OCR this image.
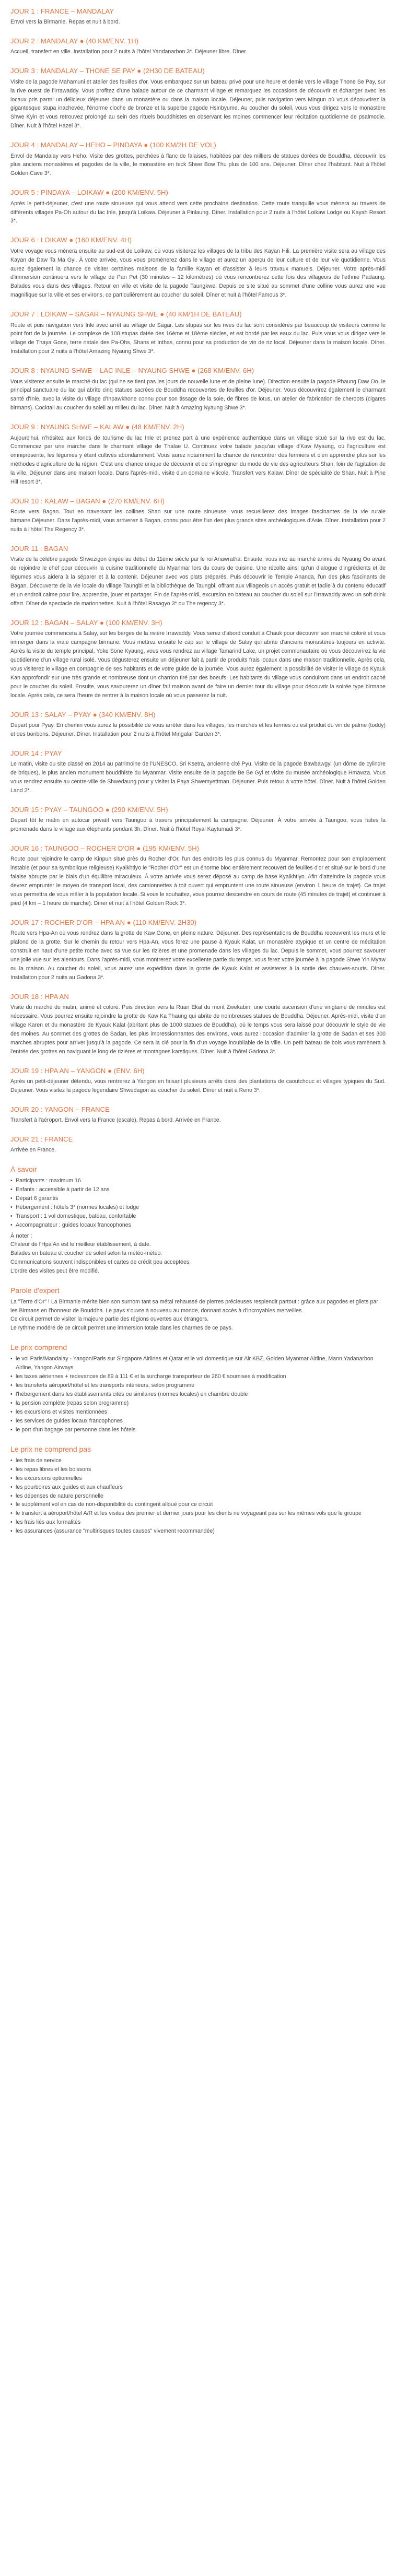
JOUR 1 : FRANCE – MANDALAY

Envol vers la Birmanie. Repas et nuit à bord.

JOUR 2 : MANDALAY ● (40 KM/ENV. 1H)

Accueil, transfert en ville. Installation pour 2 nuits à l'hôtel Yandanarbon 3*. Déjeuner libre. Dîner.

JOUR 3 : MANDALAY – THONE SE PAY ● (2H30 DE BATEAU)

Visite de la pagode Mahamuni et atelier des feuilles d'or. Vous embarquez sur un bateau privé pour une heure et demie vers le village Thone Se Pay, sur la rive ouest de l'Irrawaddy. Vous profitez d'une balade autour de ce charmant village et remarquez les occasions de découvrir et échanger avec les locaux pris parmi un délicieux déjeuner dans un monastère ou dans la maison locale. Déjeuner, puis navigation vers Mingun où vous découvrirez la gigantesque stupa inachevée, l'énorme cloche de bronze et la superbe pagode Hsinbyume. Au coucher du soleil, vous vous dirigez vers le monastère Shwe Kyin et vous retrouvez prolongé au sein des rituels bouddhistes en observant les moines commencer leur récitation quotidienne de psalmodie. Dîner. Nuit à l'hôtel Hazel 3*.

JOUR 4 : MANDALAY – HEHO – PINDAYA ● (100 KM/2H DE VOL)

Envol de Mandalay vers Heho. Visite des grottes, perchées à flanc de falaises, habitées par des milliers de statues dorées de Bouddha, découvrir les plus anciens monastères et pagodes de la ville, le monastère en teck Shwe Bow Thu plus de 100 ans. Déjeuner. Dîner chez l'habitant. Nuit à l'hôtel Golden Cave 3*.

JOUR 5 : PINDAYA – LOIKAW ● (200 KM/ENV. 5H)

Après le petit-déjeuner, c'est une route sinueuse qui vous attend vers cette prochaine destination. Cette route tranquille vous mènera au travers de différents villages Pa-Oh autour du lac Inle, jusqu'à Loikaw. Déjeuner à Pinlaung. Dîner. Installation pour 2 nuits à l'hôtel Loikaw Lodge ou Kayah Resort 3*.

JOUR 6 : LOIKAW ● (160 KM/ENV. 4H)

Votre voyage vous mènera ensuite au sud-est de Loikaw, où vous visiterez les villages de la tribu des Kayan Hili. La première visite sera au village des Kayan de Daw Ta Ma Gyi. À votre arrivée, vous vous promènerez dans le village et aurez un aperçu de leur culture et de leur vie quotidienne. Vous aurez également la chance de visiter certaines maisons de la famille Kayan et d'assister à leurs travaux manuels. Déjeuner. Votre après-midi d'immersion continuera vers le village de Pan Pet (30 minutes – 12 kilomètres) où vous rencontrerez cette fois des villageois de l'ethnie Padaung. Balades vous dans des villages. Retour en ville et visite de la pagode Taungkwe. Depuis ce site situé au sommet d'une colline vous aurez une vue magnifique sur la ville et ses environs, ce particulièrement au coucher du soleil. Dîner et nuit à l'hôtel Famous 3*.

JOUR 7 : LOIKAW – SAGAR – NYAUNG SHWE ● (40 KM/1H DE BATEAU)

Route et puis navigation vers Inle avec arrêt au village de Sagar. Les stupas sur les rives du lac sont considérés par beaucoup de visiteurs comme le point fort de la journée. Le complexe de 108 stupas datée des 16ème et 18ème siècles, et est bordé par les eaux du lac. Puis vous vous dirigez vers le village de Thaya Gone, terre natale des Pa-Ohs, Shans et Inthas, connu pour sa production de vin de riz local. Déjeuner dans la maison locale. Dîner. Installation pour 2 nuits à l'hôtel Amazing Nyaung Shwe 3*.

JOUR 8 : NYAUNG SHWE – LAC INLE – NYAUNG SHWE ● (268 KM/ENV. 6H)

Vous visiterez ensuite le marché du lac (qui ne se tient pas les jours de nouvelle lune et de pleine lune). Direction ensuite la pagode Phaung Daw Oo, le principal sanctuaire du lac qui abrite cinq statues sacrées de Bouddha recouvertes de feuilles d'or. Déjeuner. Vous découvrirez également le charmant santé d'Inle, avec la visite du village d'Inpawkhone connu pour son tissage de la soie, de fibres de lotus, un atelier de fabrication de cheroots (cigares birmans). Cocktail au coucher du soleil au milieu du lac. Dîner. Nuit à Amazing Nyaung Shwe 3*.

JOUR 9 : NYAUNG SHWE – KALAW ● (48 KM/ENV. 2H)

Aujourd'hui, n'hésitez aux fonds de tourisme du lac Inle et prenez part à une expérience authentique dans un village situé sur la rive est du lac. Commencez par une marche dans le charmant village de Thalae U. Continuez votre balade jusqu'au village d'Kaw Myaung, où l'agriculture est omniprésente, les légumes y étant cultivés abondamment. Vous aurez notamment la chance de rencontrer des fermiers et d'en apprendre plus sur les méthodes d'agriculture de la région. C'est une chance unique de découvrir et de s'imprégner du mode de vie des agriculteurs Shan, loin de l'agitation de la ville. Déjeuner dans une maison locale. Dans l'après-midi, visite d'un domaine viticole. Transfert vers Kalaw. Dîner de spécialité de Shan. Nuit à Pine Hill resort 3*.

JOUR 10 : KALAW – BAGAN ● (270 KM/ENV. 6H)

Route vers Bagan. Tout en traversant les collines Shan sur une route sinueuse, vous recueillerez des images fascinantes de la vie rurale birmane.Déjeuner. Dans l'après-midi, vous arriverez à Bagan, connu pour être l'un des plus grands sites archéologiques d'Asie. Dîner. Installation pour 2 nuits à l'hôtel The Regency 3*.

JOUR 11 : BAGAN

Visite de la célèbre pagode Shwezigon érigée au début du 11ème siècle par le roi Anawratha. Ensuite, vous irez au marché animé de Nyaung Oo avant de rejoindre le chef pour découvrir la cuisine traditionnelle du Myanmar lors du cours de cuisine. Une récolte ainsi qu'un dialogue d'ingrédients et de légumes vous aidera à la séparer et à la contenir. Déjeuner avec vos plats préparés. Puis découvrir le Temple Ananda, l'un des plus fascinants de Bagan. Découverte de la vie locale du village Taungbi et la bibliothèque de Taungbi, offrant aux villageois un accès gratuit et facile à du contenu éducatif et un endroit calme pour lire, apprendre, jouer et partager. Fin de l'après-midi, excursion en bateau au coucher du soleil sur l'Irrawaddy avec un soft drink offert. Dîner de spectacle de marionnettes. Nuit à l'hôtel Rasagyo 3* ou The regency 3*.

JOUR 12 : BAGAN – SALAY ● (100 KM/ENV. 3H)

Votre journée commencera à Salay, sur les berges de la rivière Irrawaddy. Vous serez d'abord conduit à Chauk pour découvrir son marché coloré et vous immerger dans la vraie campagne birmane. Vous mettrez ensuite le cap sur le village de Salay qui abrite d'anciens monastères toujours en activité. Après la visite du temple principal, Yoke Sone Kyaung, vous vous rendrez au village Tamarind Lake, un projet communautaire où vous découvrirez la vie quotidienne d'un village rural isolé. Vous dégusterez ensuite un déjeuner fait à partir de produits frais locaux dans une maison traditionnelle. Après cela, vous visiterez le village en compagnie de ses habitants et de votre guide de la journée. Vous aurez également la possibilité de visiter le village de Kyauk Kan approfondir sur une très grande et nombreuse dont un charrion tiré par des boeufs. Les habitants du village vous conduiront dans un endroit caché pour le coucher du soleil. Ensuite, vous savourerez un dîner fait maison avant de faire un dernier tour du village pour découvrir la soirée type birmane locale. Après cela, ce sera l'heure de rentrer à la maison locale où vous passerez la nuit.

JOUR 13 : SALAY – PYAY ● (340 KM/ENV. 8H)

Départ pour Pyay. En chemin vous aurez la possibilité de vous arrêter dans les villages, les marchés et les fermes où est produit du vin de palme (toddy) et des bonbons. Déjeuner. Dîner. Installation pour 2 nuits à l'hôtel Mingalar Garden 3*.

JOUR 14 : PYAY

Le matin, visite du site classé en 2014 au patrimoine de l'UNESCO, Sri Ksetra, ancienne cité Pyu. Visite de la pagode Bawbawgyi (un dôme de cylindre de briques), le plus ancien monument bouddhiste du Myanmar. Visite ensuite de la pagode Be Be Gyi et visite du musée archéologique Hmawza. Vous vous rendrez ensuite au centre-ville de Shwedaung pour y visiter la Paya Shwemyettman. Déjeuner. Puis retour à votre hôtel. Dîner. Nuit à l'hôtel Golden Land 2*.

JOUR 15 : PYAY – TAUNGOO ● (290 KM/ENV. 5H)

Départ tôt le matin en autocar privatif vers Taungoo à travers principalement la campagne. Déjeuner. À votre arrivée à Taungoo, vous faites la promenade dans le village aux éléphants pendant 3h. Dîner. Nuit à l'hôtel Royal Kaytumadi 3*.

JOUR 16 : TAUNGOO – ROCHER D'OR ● (195 KM/ENV. 5H)

Route pour rejoindre le camp de Kinpun situé près du Rocher d'Or, l'un des endroits les plus connus du Myanmar. Remontez pour son emplacement instable (et pour sa symbolique religieuse) Kyaikhtiyo le "Rocher d'Or" est un énorme bloc entièrement recouvert de feuilles d'or et situé sur le bord d'une falaise abrupte par le biais d'un équilibre miraculeux. À votre arrivée vous serez déposé au camp de base Kyaikhtiyo. Afin d'atteindre la pagode vous devrez emprunter le moyen de transport local, des camionnettes à toit ouvert qui empruntent une route sinueuse (environ 1 heure de trajet). Ce trajet vous permettra de vous mêler à la population locale. Si vous le souhaitez, vous pourrez descendre en cours de route (45 minutes de trajet) et continuer à pied (4 km – 1 heure de marche). Dîner et nuit à l'hôtel Golden Rock 3*.

JOUR 17 : ROCHER D'OR – HPA AN ● (110 KM/ENV. 2H30)

Route vers Hpa-An où vous rendrez dans la grotte de Kaw Gone, en pleine nature. Déjeuner. Des représentations de Bouddha recouvrent les murs et le plafond de la grotte. Sur le chemin du retour vers Hpa-An, vous ferez une pause à Kyauk Kalat, un monastère atypique et un centre de méditation construit en haut d'une petite roche avec sa vue sur les rizières et une promenade dans les villages du lac. Depuis le sommet, vous pourrez savourer une jolie vue sur les alentours. Dans l'après-midi, vous montrerez votre excellente partie du temps, vous ferez votre journée à la pagode Shwe Yin Myaw ou la maison. Au coucher du soleil, vous aurez une expédition dans la grotte de Kyauk Kalat et assisterez à la sortie des chauves-souris. Dîner. Installation pour 2 nuits au Gadona 3*.

JOUR 18 : HPA AN

Visite du marché du matin, animé et coloré. Puis direction vers la Ruan Ekal du mont Zwekabin, une courte ascension d'une vingtaine de minutes est nécessaire. Vous pourrez ensuite rejoindre la grotte de Kaw Ka Thaung qui abrite de nombreuses statues de Bouddha. Déjeuner. Après-midi, visite d'un village Karen et du monastère de Kyauk Kalat (abritant plus de 1000 statues de Bouddha), où le temps vous sera laissé pour découvrir le style de vie des moines. Au sommet des grottes de Sadan, les plus impressionnantes des environs, vous aurez l'occasion d'admirer la grotte de Sadan et ses 300 marches abruptes pour arriver jusqu'à la pagode. Ce sera la clé pour la fin d'un voyage inoubliable de la ville. Un petit bateau de bois vous ramènera à l'entrée des grottes en naviguant le long de rizières et montagnes karstiques. Dîner. Nuit à l'hôtel Gadona 3*.

JOUR 19 : HPA AN – YANGON ● (ENV. 6H)

Après un petit-déjeuner détendu, vous rentrerez à Yangon en faisant plusieurs arrêts dans des plantations de caoutchouc et villages typiques du Sud. Déjeuner. Vous visitez la pagode légendaire Shwedagon au coucher du soleil. Dîner et nuit à Reno 3*.

JOUR 20 : YANGON – FRANCE

Transfert à l'aéroport. Envol vers la France (escale). Repas à bord. Arrivée en France.

JOUR 21 : FRANCE

Arrivée en France.

À savoir
• Participants : maximum 16
• Enfants : accessible à partir de 12 ans
• Départ 6 garantis
• Hébergement : hôtels 3* (normes locales) et lodge
• Transport : 1 vol domestique, bateau, confortable
• Accompagnateur : guides locaux francophones
À noter :

Chaleur de l'Hpa An est le meilleur établissement, à date.

Balades en bateau et coucher de soleil selon la météo-météo.

Communications souvent indisponibles et cartes de crédit peu acceptées.

L'ordre des visites peut être modifié.

Parole d'expert

La "Terre d'Or" ! La Birmanie mérite bien son surnom tant sa métal rehaussé de pierres précieuses resplendit partout : grâce aux pagodes et gilets par les Birmans en l'honneur de Bouddha. Le pays s'ouvre à nouveau au monde, donnant accès à d'incroyables merveilles.
Ce circuit permet de visiter la majeure partie des régions ouvertes aux étrangers.
Le rythme modéré de ce circuit permet une immersion totale dans les charmes de ce pays.

Le prix comprend
• le vol Paris/Mandalay - Yangon/Paris sur Singapore Airlines et Qatar et le vol domestique sur Air KBZ, Golden Myanmar Airline, Mann Yadanarbon Airline, Yangon Airways
• les taxes aériennes + redevances de 89 à 111 € et la surcharge transporteur de 260 € soumises à modification
• les transferts aéroport/hôtel et les transports intérieurs, selon programme
• l'hébergement dans les établissements cités ou similaires (normes locales) en chambre double
• la pension complète (repas selon programme)
• les excursions et visites mentionnées
• les services de guides locaux francophones
• le port d'un bagage par personne dans les hôtels
Le prix ne comprend pas
• les frais de service
• les repas libres et les boissons
• les excursions optionnelles
• les pourboires aux guides et aux chauffeurs
• les dépenses de nature personnelle
• le supplément vol en cas de non-disponibilité du contingent alloué pour ce circuit
• le transfert à aéroport/hôtel A/R et les visites des premier et dernier jours pour les clients ne voyageant pas sur les mêmes vols que le groupe
• les frais liés aux formalités
• les assurances (assurance "multirisques toutes causes" vivement recommandée)
